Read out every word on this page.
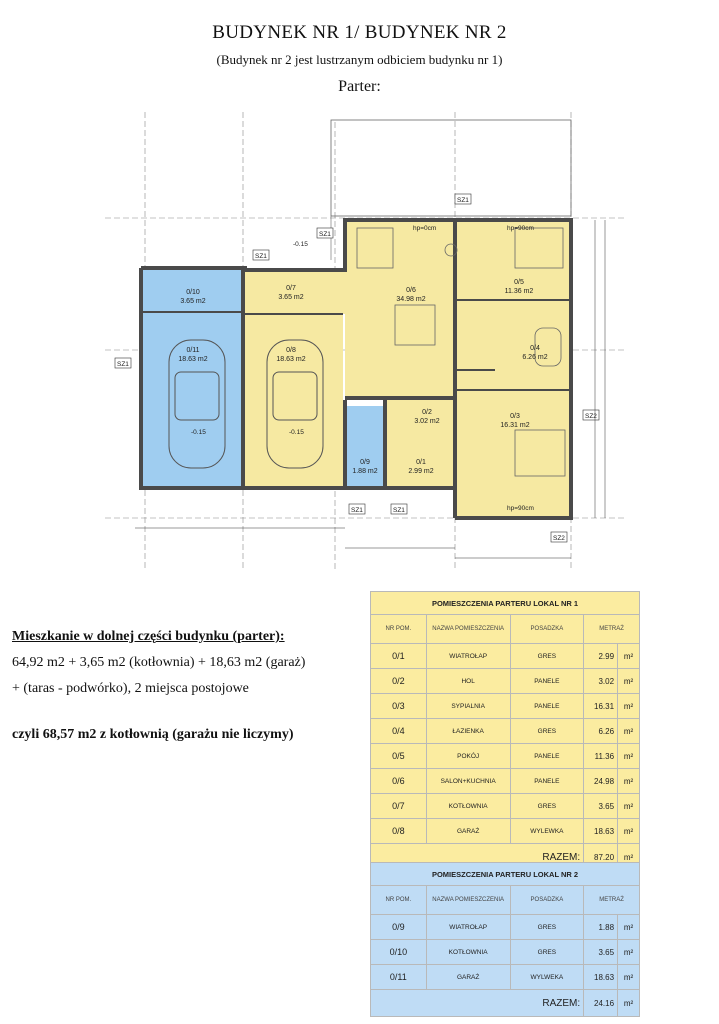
BUDYNEK NR 1/ BUDYNEK NR 2
(Budynek nr 2 jest lustrzanym odbiciem budynku nr 1)
Parter:
0/10
3.65 m2
0/7
3.65 m2
0/6
34.98 m2
0/5
11.36 m2
0/4
6.26 m2
0/11
18.63 m2
0/8
18.63 m2
0/2
3.02 m2
0/3
16.31 m2
0/9
1.88 m2
0/1
2.99 m2
-0.15	-0.15
-0.15
hp=0cm	hp=90cm
hp=90cm
SZ1
SZ1
SZ1
SZ1
SZ1
SZ1
SZ2
SZ2
Mieszkanie w dolnej części budynku (parter):
64,92 m2 + 3,65 m2 (kotłownia) + 18,63 m2 (garaż)
+ (taras - podwórko), 2 miejsca postojowe
czyli 68,57 m2 z kotłownią (garażu nie liczymy)
POMIESZCZENIA PARTERU LOKAL NR 1				
NR POM.	NAZWA POMIESZCZENIA	POSADZKA	METRAŻ	
0/1	WIATROŁAP	GRES	2.99	m²
0/2	HOL	PANELE	3.02	m²
0/3	SYPIALNIA	PANELE	16.31	m²
0/4	ŁAZIENKA	GRES	6.26	m²
0/5	POKÓJ	PANELE	11.36	m²
0/6	SALON+KUCHNIA	PANELE	24.98	m²
0/7	KOTŁOWNIA	GRES	3.65	m²
0/8	GARAŻ	WYLEWKA	18.63	m²
RAZEM:			87.20	m²
POMIESZCZENIA PARTERU LOKAL NR 2				
NR POM.	NAZWA POMIESZCZENIA	POSADZKA	METRAŻ	
0/9	WIATROŁAP	GRES	1.88	m²
0/10	KOTŁOWNIA	GRES	3.65	m²
0/11	GARAŻ	WYLWEKA	18.63	m²
RAZEM:			24.16	m²
